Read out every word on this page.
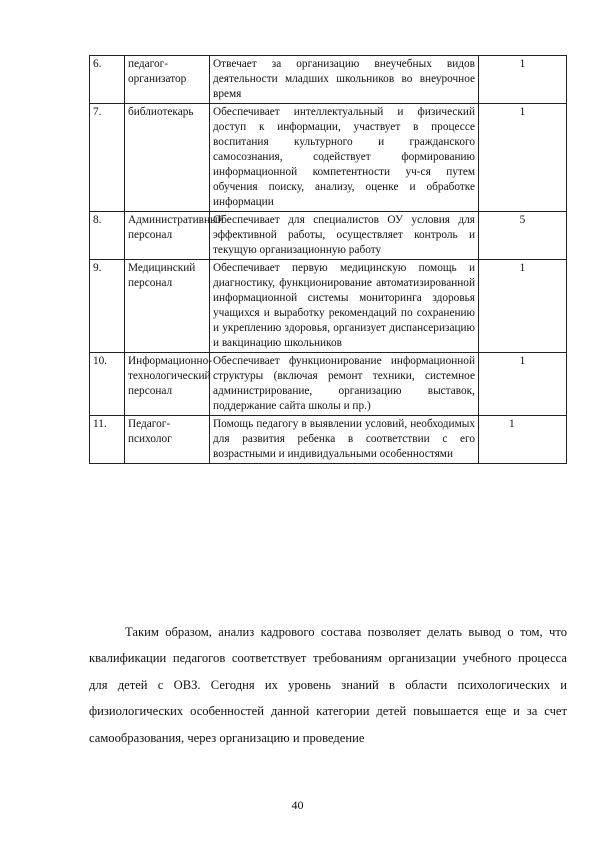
6.	педагог-организатор	Отвечает за организацию внеучебных видов деятельности младших школьников во внеурочное время	1
7.	библиотекарь	Обеспечивает интеллектуальный и физический доступ к информации, участвует в процессе воспитания культурного и гражданского самосознания, содействует формированию информационной компетентности уч-ся путем обучения поиску, анализу, оценке и обработке информации	1
8.	Административный персонал	Обеспечивает для специалистов ОУ условия для эффективной работы, осуществляет контроль и текущую организационную работу	5
9.	Медицинский персонал	Обеспечивает первую медицинскую помощь и диагностику, функционирование автоматизированной информационной системы мониторинга здоровья учащихся и выработку рекомендаций по сохранению и укреплению здоровья, организует диспансеризацию и вакцинацию школьников	1
10.	Информационно-технологический персонал	Обеспечивает функционирование информационной структуры (включая ремонт техники, системное администрирование, организацию выставок, поддержание сайта школы и пр.)	1
11.	Педагог-психолог	Помощь педагогу в выявлении условий, необходимых для развития ребенка в соответствии с его возрастными и индивидуальными особенностями	1
Таким образом, анализ кадрового состава позволяет делать вывод о том, что квалификации педагогов соответствует требованиям организации учебного процесса для детей с ОВЗ. Сегодня их уровень знаний в области психологических и физиологических особенностей данной категории детей повышается еще и за счет самообразования, через организацию и проведение
40
